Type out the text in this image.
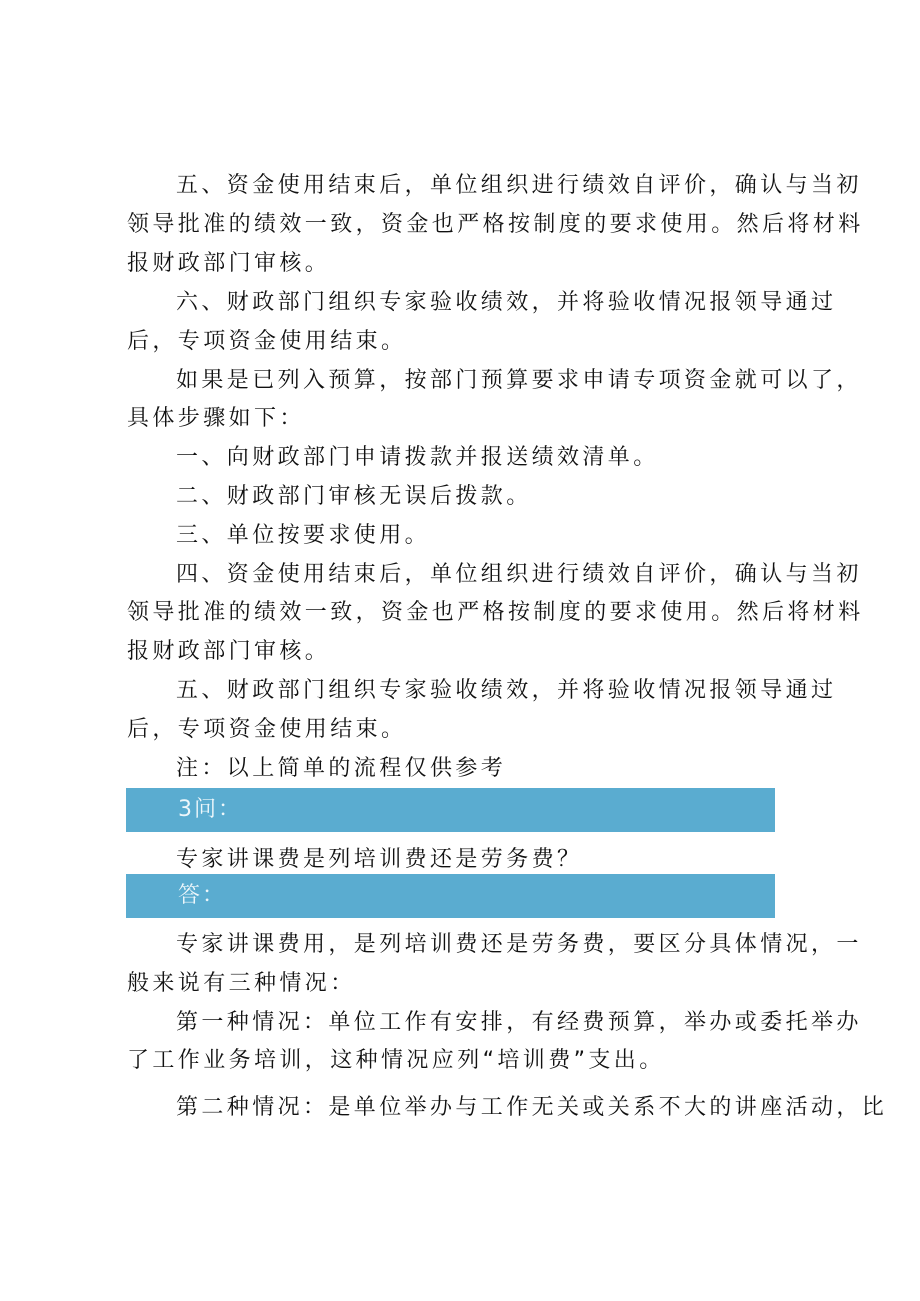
五、资金使用结束后，单位组织进行绩效自评价，确认与当初

领导批准的绩效一致，资金也严格按制度的要求使用。然后将材料

报财政部门审核。

六、财政部门组织专家验收绩效，并将验收情况报领导通过

后，专项资金使用结束。

如果是已列入预算，按部门预算要求申请专项资金就可以了，

具体步骤如下：

一、向财政部门申请拨款并报送绩效清单。

二、财政部门审核无误后拨款。

三、单位按要求使用。

四、资金使用结束后，单位组织进行绩效自评价，确认与当初

领导批准的绩效一致，资金也严格按制度的要求使用。然后将材料

报财政部门审核。

五、财政部门组织专家验收绩效，并将验收情况报领导通过

后，专项资金使用结束。

注：以上简单的流程仅供参考

3问：

专家讲课费是列培训费还是劳务费？

答：

专家讲课费用，是列培训费还是劳务费，要区分具体情况，一

般来说有三种情况：

第一种情况：单位工作有安排，有经费预算，举办或委托举办

了工作业务培训，这种情况应列“培训费”支出。

第二种情况：是单位举办与工作无关或关系不大的讲座活动，比
